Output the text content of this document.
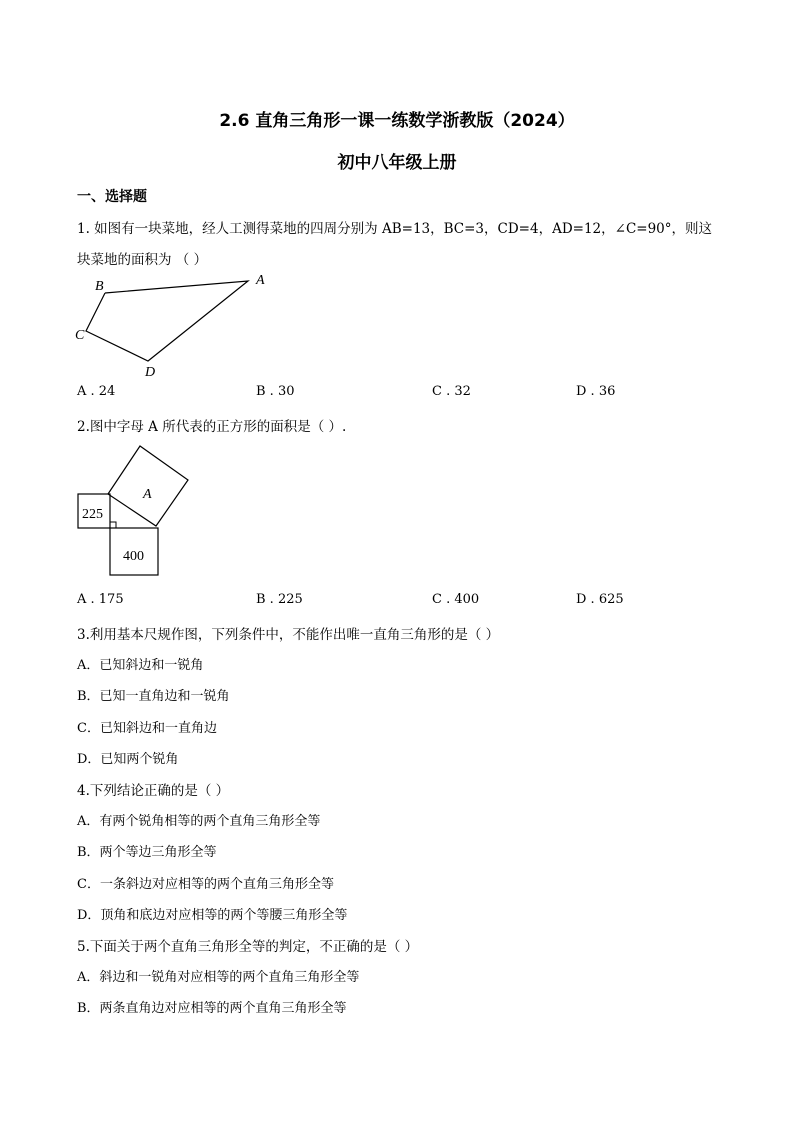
2.6 直角三角形一课一练数学浙教版（2024）
初中八年级上册
一、选择题
1. 如图有一块菜地，经人工测得菜地的四周分别为 AB=13，BC=3，CD=4，AD=12，∠C=90°，则这
块菜地的面积为 （ ）
A
B
C
D
A . 24	B . 30	C . 32	D . 36
2.图中字母 A 所代表的正方形的面积是（ ）.
A
225
400
A . 175	B . 225	C . 400	D . 625
3.利用基本尺规作图，下列条件中，不能作出唯一直角三角形的是（ ）
A．已知斜边和一锐角
B．已知一直角边和一锐角
C．已知斜边和一直角边
D．已知两个锐角
4.下列结论正确的是（ ）
A．有两个锐角相等的两个直角三角形全等
B．两个等边三角形全等
C．一条斜边对应相等的两个直角三角形全等
D．顶角和底边对应相等的两个等腰三角形全等
5.下面关于两个直角三角形全等的判定，不正确的是（ ）
A．斜边和一锐角对应相等的两个直角三角形全等
B．两条直角边对应相等的两个直角三角形全等
